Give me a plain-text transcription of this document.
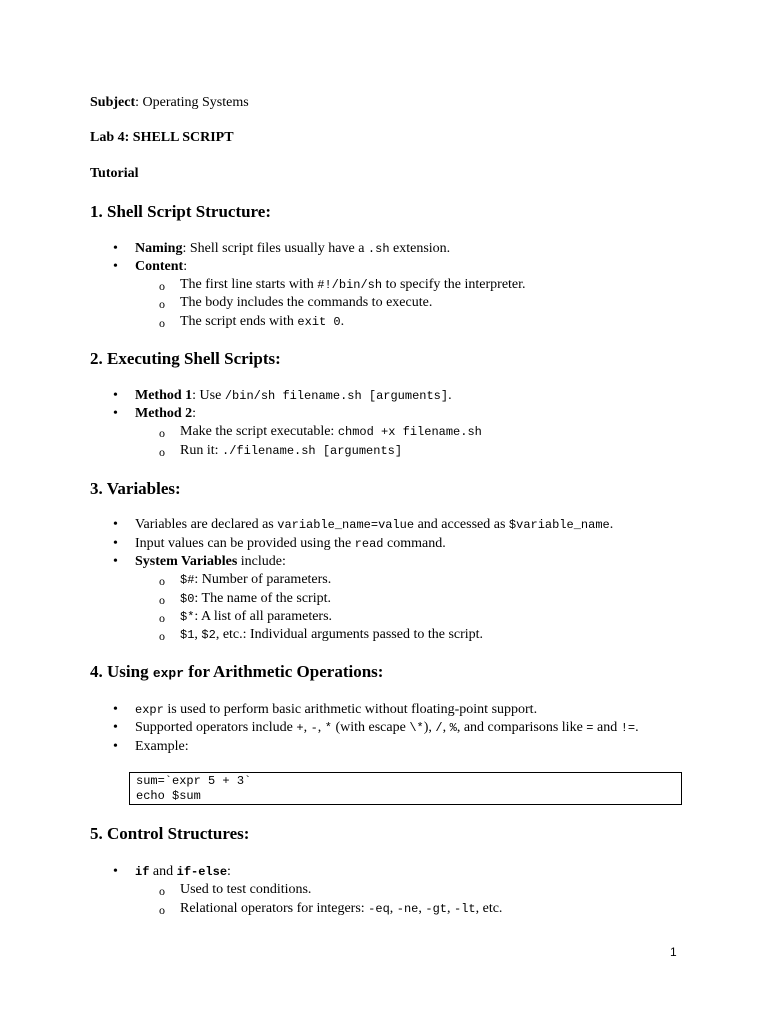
Subject: Operating Systems
Lab 4: SHELL SCRIPT
Tutorial
1. Shell Script Structure:
• Naming: Shell script files usually have a .sh extension.
• Content:
o The first line starts with #!/bin/sh to specify the interpreter.
o The body includes the commands to execute.
o The script ends with exit 0.
2. Executing Shell Scripts:
• Method 1: Use /bin/sh filename.sh [arguments].
• Method 2:
o Make the script executable: chmod +x filename.sh
o Run it: ./filename.sh [arguments]
3. Variables:
• Variables are declared as variable_name=value and accessed as $variable_name.
• Input values can be provided using the read command.
• System Variables include:
o $#: Number of parameters.
o $0: The name of the script.
o $*: A list of all parameters.
o $1, $2, etc.: Individual arguments passed to the script.
4. Using expr for Arithmetic Operations:
• expr is used to perform basic arithmetic without floating-point support.
• Supported operators include +, -, * (with escape \*), /, %, and comparisons like = and !=.
• Example:
sum=`expr 5 + 3`
echo $sum
5. Control Structures:
• if and if-else:
o Used to test conditions.
o Relational operators for integers: -eq, -ne, -gt, -lt, etc.
1
